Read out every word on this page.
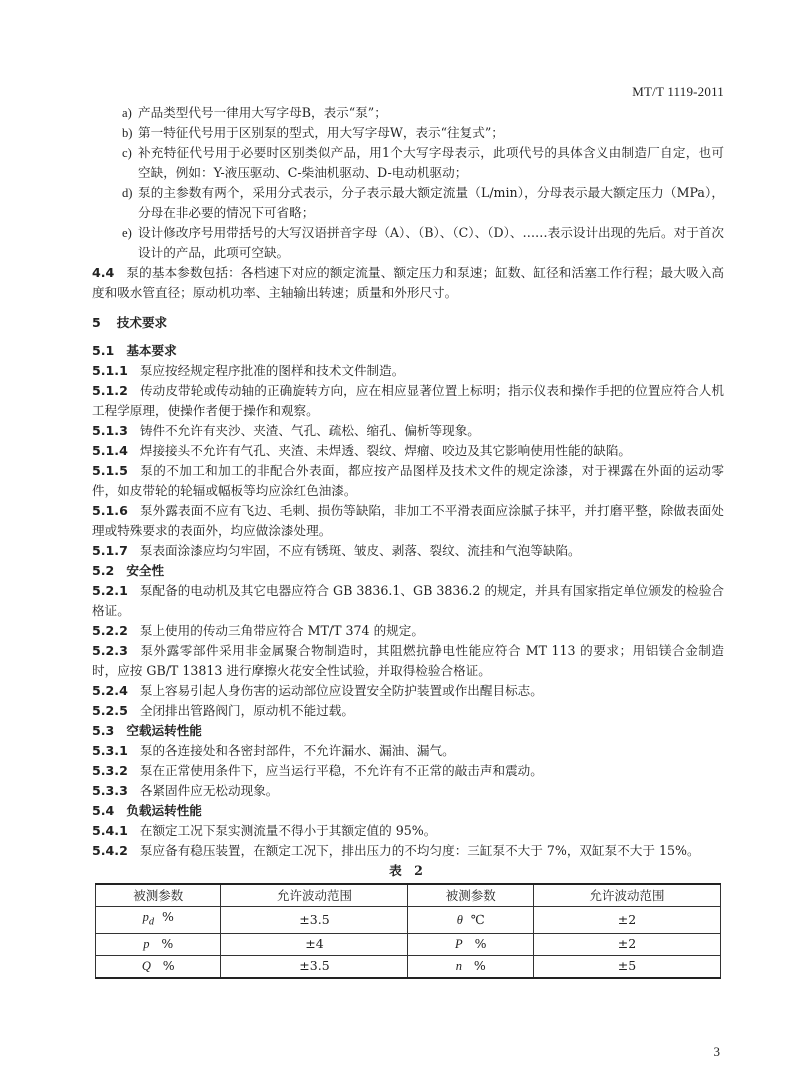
MT/T 1119-2011
a) 产品类型代号一律用大写字母B，表示“泵”；
b) 第一特征代号用于区别泵的型式，用大写字母W，表示“往复式”；
c) 补充特征代号用于必要时区别类似产品，用1个大写字母表示，此项代号的具体含义由制造厂自定，也可空缺，例如：Y-液压驱动、C-柴油机驱动、D-电动机驱动；
d) 泵的主参数有两个，采用分式表示，分子表示最大额定流量（L/min），分母表示最大额定压力（MPa），分母在非必要的情况下可省略；
e) 设计修改序号用带括号的大写汉语拼音字母（A）、（B）、（C）、（D）、……表示设计出现的先后。对于首次设计的产品，此项可空缺。
4.4 泵的基本参数包括：各档速下对应的额定流量、额定压力和泵速；缸数、缸径和活塞工作行程；最大吸入高度和吸水管直径；原动机功率、主轴输出转速；质量和外形尺寸。
5 技术要求
5.1 基本要求
5.1.1 泵应按经规定程序批准的图样和技术文件制造。
5.1.2 传动皮带轮或传动轴的正确旋转方向，应在相应显著位置上标明；指示仪表和操作手把的位置应符合人机工程学原理，使操作者便于操作和观察。
5.1.3 铸件不允许有夹沙、夹渣、气孔、疏松、缩孔、偏析等现象。
5.1.4 焊接接头不允许有气孔、夹渣、未焊透、裂纹、焊瘤、咬边及其它影响使用性能的缺陷。
5.1.5 泵的不加工和加工的非配合外表面，都应按产品图样及技术文件的规定涂漆，对于裸露在外面的运动零件，如皮带轮的轮辐或幅板等均应涂红色油漆。
5.1.6 泵外露表面不应有飞边、毛刺、损伤等缺陷，非加工不平滑表面应涂腻子抹平，并打磨平整，除做表面处理或特殊要求的表面外，均应做涂漆处理。
5.1.7 泵表面涂漆应均匀牢固，不应有锈斑、皱皮、剥落、裂纹、流挂和气泡等缺陷。
5.2 安全性
5.2.1 泵配备的电动机及其它电器应符合 GB 3836.1、GB 3836.2 的规定，并具有国家指定单位颁发的检验合格证。
5.2.2 泵上使用的传动三角带应符合 MT/T 374 的规定。
5.2.3 泵外露零部件采用非金属聚合物制造时，其阻燃抗静电性能应符合 MT 113 的要求；用铝镁合金制造时，应按 GB/T 13813 进行摩擦火花安全性试验，并取得检验合格证。
5.2.4 泵上容易引起人身伤害的运动部位应设置安全防护装置或作出醒目标志。
5.2.5 全闭排出管路阀门，原动机不能过载。
5.3 空载运转性能
5.3.1 泵的各连接处和各密封部件，不允许漏水、漏油、漏气。
5.3.2 泵在正常使用条件下，应当运行平稳，不允许有不正常的敲击声和震动。
5.3.3 各紧固件应无松动现象。
5.4 负载运转性能
5.4.1 在额定工况下泵实测流量不得小于其额定值的 95%。
5.4.2 泵应备有稳压装置，在额定工况下，排出压力的不均匀度：三缸泵不大于 7%，双缸泵不大于 15%。
表 2
被测参数	允许波动范围	被测参数	允许波动范围
$p_d$ %	±3.5	θ ℃	±2
p %	±4	P %	±2
Q %	±3.5	n %	±5
3
